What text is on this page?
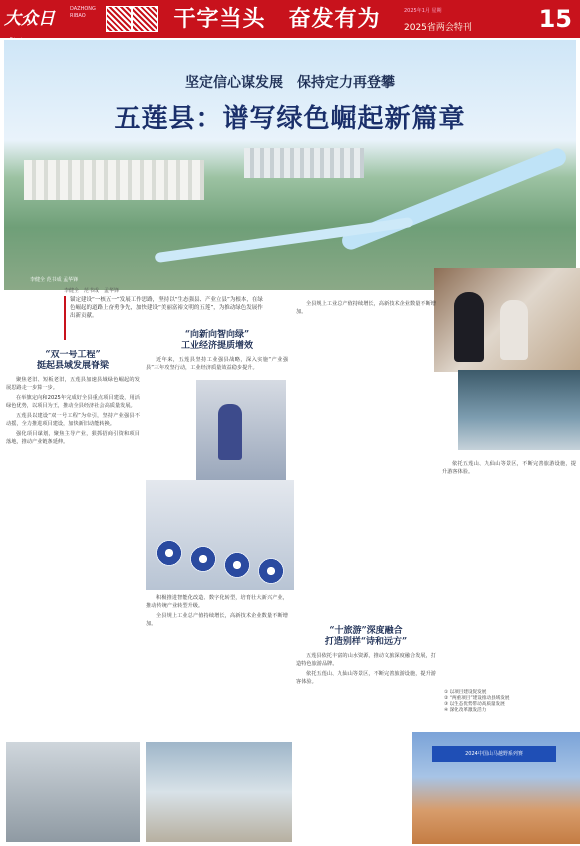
大众日	DAZHONG RIBAO	干字当头　奋发有为	2025年1月 星期
2025省两会特刊	15
坚定信心谋发展　保持定力再登攀
五莲县：谱写绿色崛起新篇章
李健全 范书成 孟华锋
李健全　范书成　孟华锋
锚定建设“一核五一”发展工作思路，坚持以“生态强县、产业立县”为根本，在绿色崛起的道路上奋勇争先，加快建设“美丽富裕文明的五莲”，为推动绿色发展作出新贡献。
“双一号工程”
挺起县域发展脊梁

聚焦老旧、短板老旧，五莲县加速县域绿色崛起的发展思路走一步算一步。

在举旗定向和2025年完成好全县重点项目建设，用活绿色优势，以项目为王，推动全县经济社会高质量发展。

五莲县以建设“双一号工程”为牵引，坚持产业强县不动摇，全力推进项目建设，加快新旧动能转换。

强化项目谋划，聚焦主导产业，狠抓招商引资和项目落地，推动产业链条延伸。

“向新向智向绿”
工业经济提质增效

近年来，五莲县坚持工业强县战略，深入实施“产业强县”三年攻坚行动，工业经济质量效益稳步提升。

积极推进智能化改造、数字化转型，培育壮大新兴产业，推动传统产业转型升级。

全县规上工业总产值持续增长，高新技术企业数量不断增加。

全县规上工业总产值持续增长，高新技术企业数量不断增加。

“十旅游”深度融合
打造别样“诗和远方”

五莲县依托丰富的山水资源，推动文旅深度融合发展，打造特色旅游品牌。

依托五莲山、九仙山等景区，不断完善旅游设施，提升游客体验。

依托五莲山、九仙山等景区，不断完善旅游设施，提升游客体验。

① 以项目建设促发展
② “两重项目”建设推动县域发展
③ 以生态优势带动高质量发展
④ 深化改革激发活力
2024中国山马越野系列赛
